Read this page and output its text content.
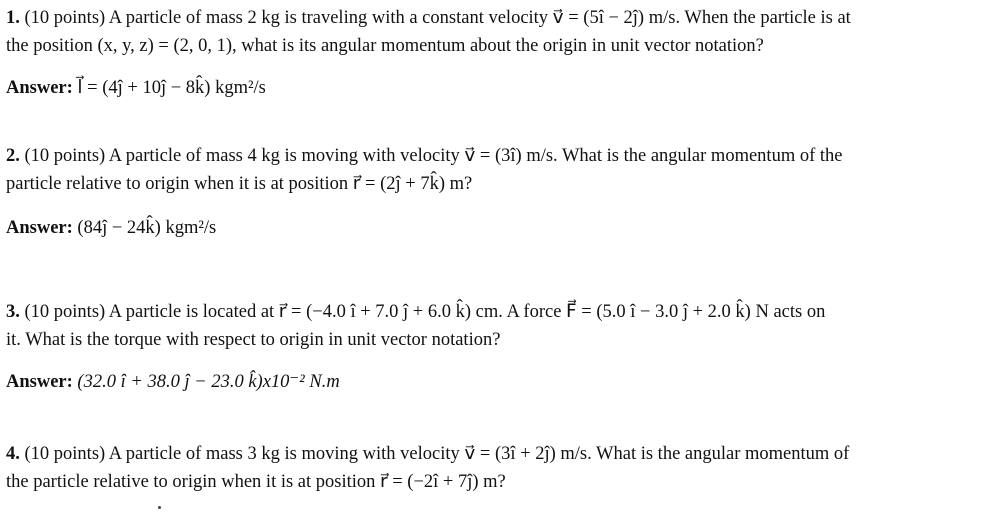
1. (10 points) A particle of mass 2 kg is traveling with a constant velocity v⃗ = (5î − 2ĵ) m/s. When the particle is at
the position (x, y, z) = (2, 0, 1), what is its angular momentum about the origin in unit vector notation?
Answer: l⃗ = (4ĵ + 10ĵ − 8k̂) kgm²/s
2. (10 points) A particle of mass 4 kg is moving with velocity v⃗ = (3î) m/s. What is the angular momentum of the
particle relative to origin when it is at position r⃗ = (2ĵ + 7k̂) m?
Answer: (84ĵ − 24k̂) kgm²/s
3. (10 points) A particle is located at r⃗ = (−4.0 î + 7.0 ĵ + 6.0 k̂) cm. A force F⃗ = (5.0 î − 3.0 ĵ + 2.0 k̂) N acts on
it. What is the torque with respect to origin in unit vector notation?
Answer: (32.0 î + 38.0 ĵ − 23.0 k̂)x10⁻² N.m
4. (10 points) A particle of mass 3 kg is moving with velocity v⃗ = (3î + 2ĵ) m/s. What is the angular momentum of
the particle relative to origin when it is at position r⃗ = (−2î + 7ĵ) m?
